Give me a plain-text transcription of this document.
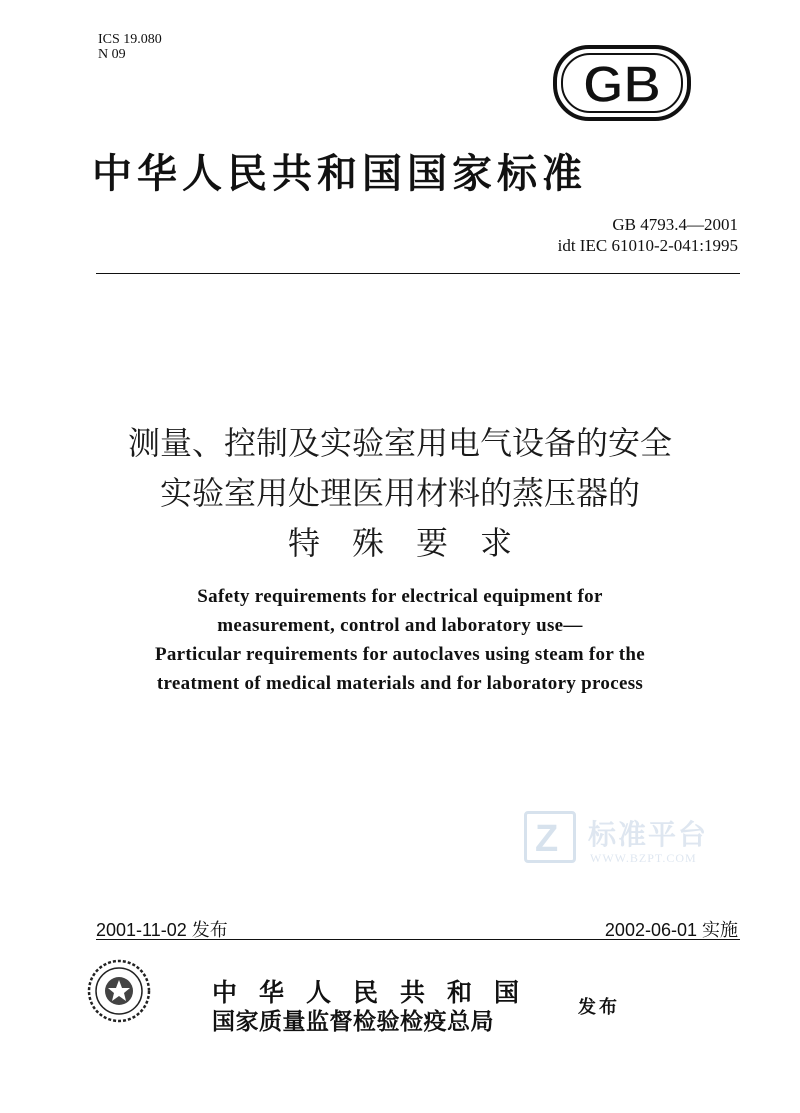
ICS 19.080
N 09
GB
中华人民共和国国家标准
GB 4793.4—2001
idt IEC 61010-2-041:1995
测量、控制及实验室用电气设备的安全
实验室用处理医用材料的蒸压器的
特殊要求
Safety requirements for electrical equipment for
measurement, control and laboratory use—
Particular requirements for autoclaves using steam for the
treatment of medical materials and for laboratory process
Z 标准平台
WWW.BZPT.COM
2001-11-02 发布	2002-06-01 实施
中华人民共和国
国家质量监督检验检疫总局
发布
